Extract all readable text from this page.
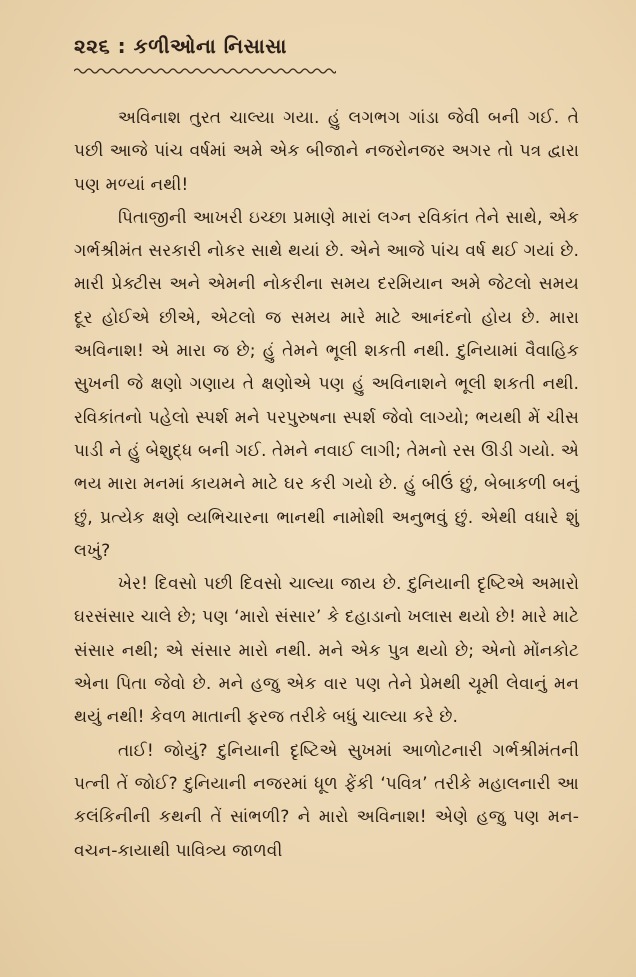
૨૨૬ : કળીઓના નિસાસા

અવિનાશ તુરત ચાલ્યા ગયા. હું લગભગ ગાંડા જેવી બની ગઈ. તે પછી આજે પાંચ વર્ષમાં અમે એક બીજાને નજરોનજર અગર તો પત્ર દ્વારા પણ મળ્યાં નથી!

પિતાજીની આખરી ઇચ્છા પ્રમાણે મારાં લગ્ન રવિકાંત તેને સાથે, એક ગર્ભશ્રીમંત સરકારી નોકર સાથે થયાં છે. એને આજે પાંચ વર્ષ થઈ ગયાં છે. મારી પ્રેક્ટીસ અને એમની નોકરીના સમય દરમિયાન અમે જેટલો સમય દૂર હોઈએ છીએ, એટલો જ સમય મારે માટે આનંદનો હોય છે. મારા અવિનાશ! એ મારા જ છે; હું તેમને ભૂલી શકતી નથી. દુનિયામાં વૈવાહિક સુખની જે ક્ષણો ગણાય તે ક્ષણોએ પણ હું અવિનાશને ભૂલી શકતી નથી. રવિકાંતનો પહેલો સ્પર્શ મને પરપુરુષના સ્પર્શ જેવો લાગ્યો; ભયથી મેં ચીસ પાડી ને હું બેશુદ્ધ બની ગઈ. તેમને નવાઈ લાગી; તેમનો રસ ઊડી ગયો. એ ભય મારા મનમાં કાયમને માટે ઘર કરી ગયો છે. હું બીઉં છું, બેબાકળી બનું છું, પ્રત્યેક ક્ષણે વ્યભિચારના ભાનથી નામોશી અનુભવું છું. એથી વધારે શું લખું?

ખેર! દિવસો પછી દિવસો ચાલ્યા જાય છે. દુનિયાની દૃષ્ટિએ અમારો ઘરસંસાર ચાલે છે; પણ ‘મારો સંસાર’ કે દહાડાનો ખલાસ થયો છે! મારે માટે સંસાર નથી; એ સંસાર મારો નથી. મને એક પુત્ર થયો છે; એનો મોંનકોટ એના પિતા જેવો છે. મને હજુ એક વાર પણ તેને પ્રેમથી ચૂમી લેવાનું મન થયું નથી! કેવળ માતાની ફરજ તરીકે બધું ચાલ્યા કરે છે.

તાઈ! જોયું? દુનિયાની દૃષ્ટિએ સુખમાં આળોટનારી ગર્ભશ્રીમંતની પત્ની તેં જોઈ? દુનિયાની નજરમાં ધૂળ ફેંકી ‘પવિત્ર’ તરીકે મહાલનારી આ કલંકિનીની કથની તેં સાંભળી? ને મારો અવિનાશ! એણે હજુ પણ મન-વચન-કાયાથી પાવિત્ર્ય જાળવી
